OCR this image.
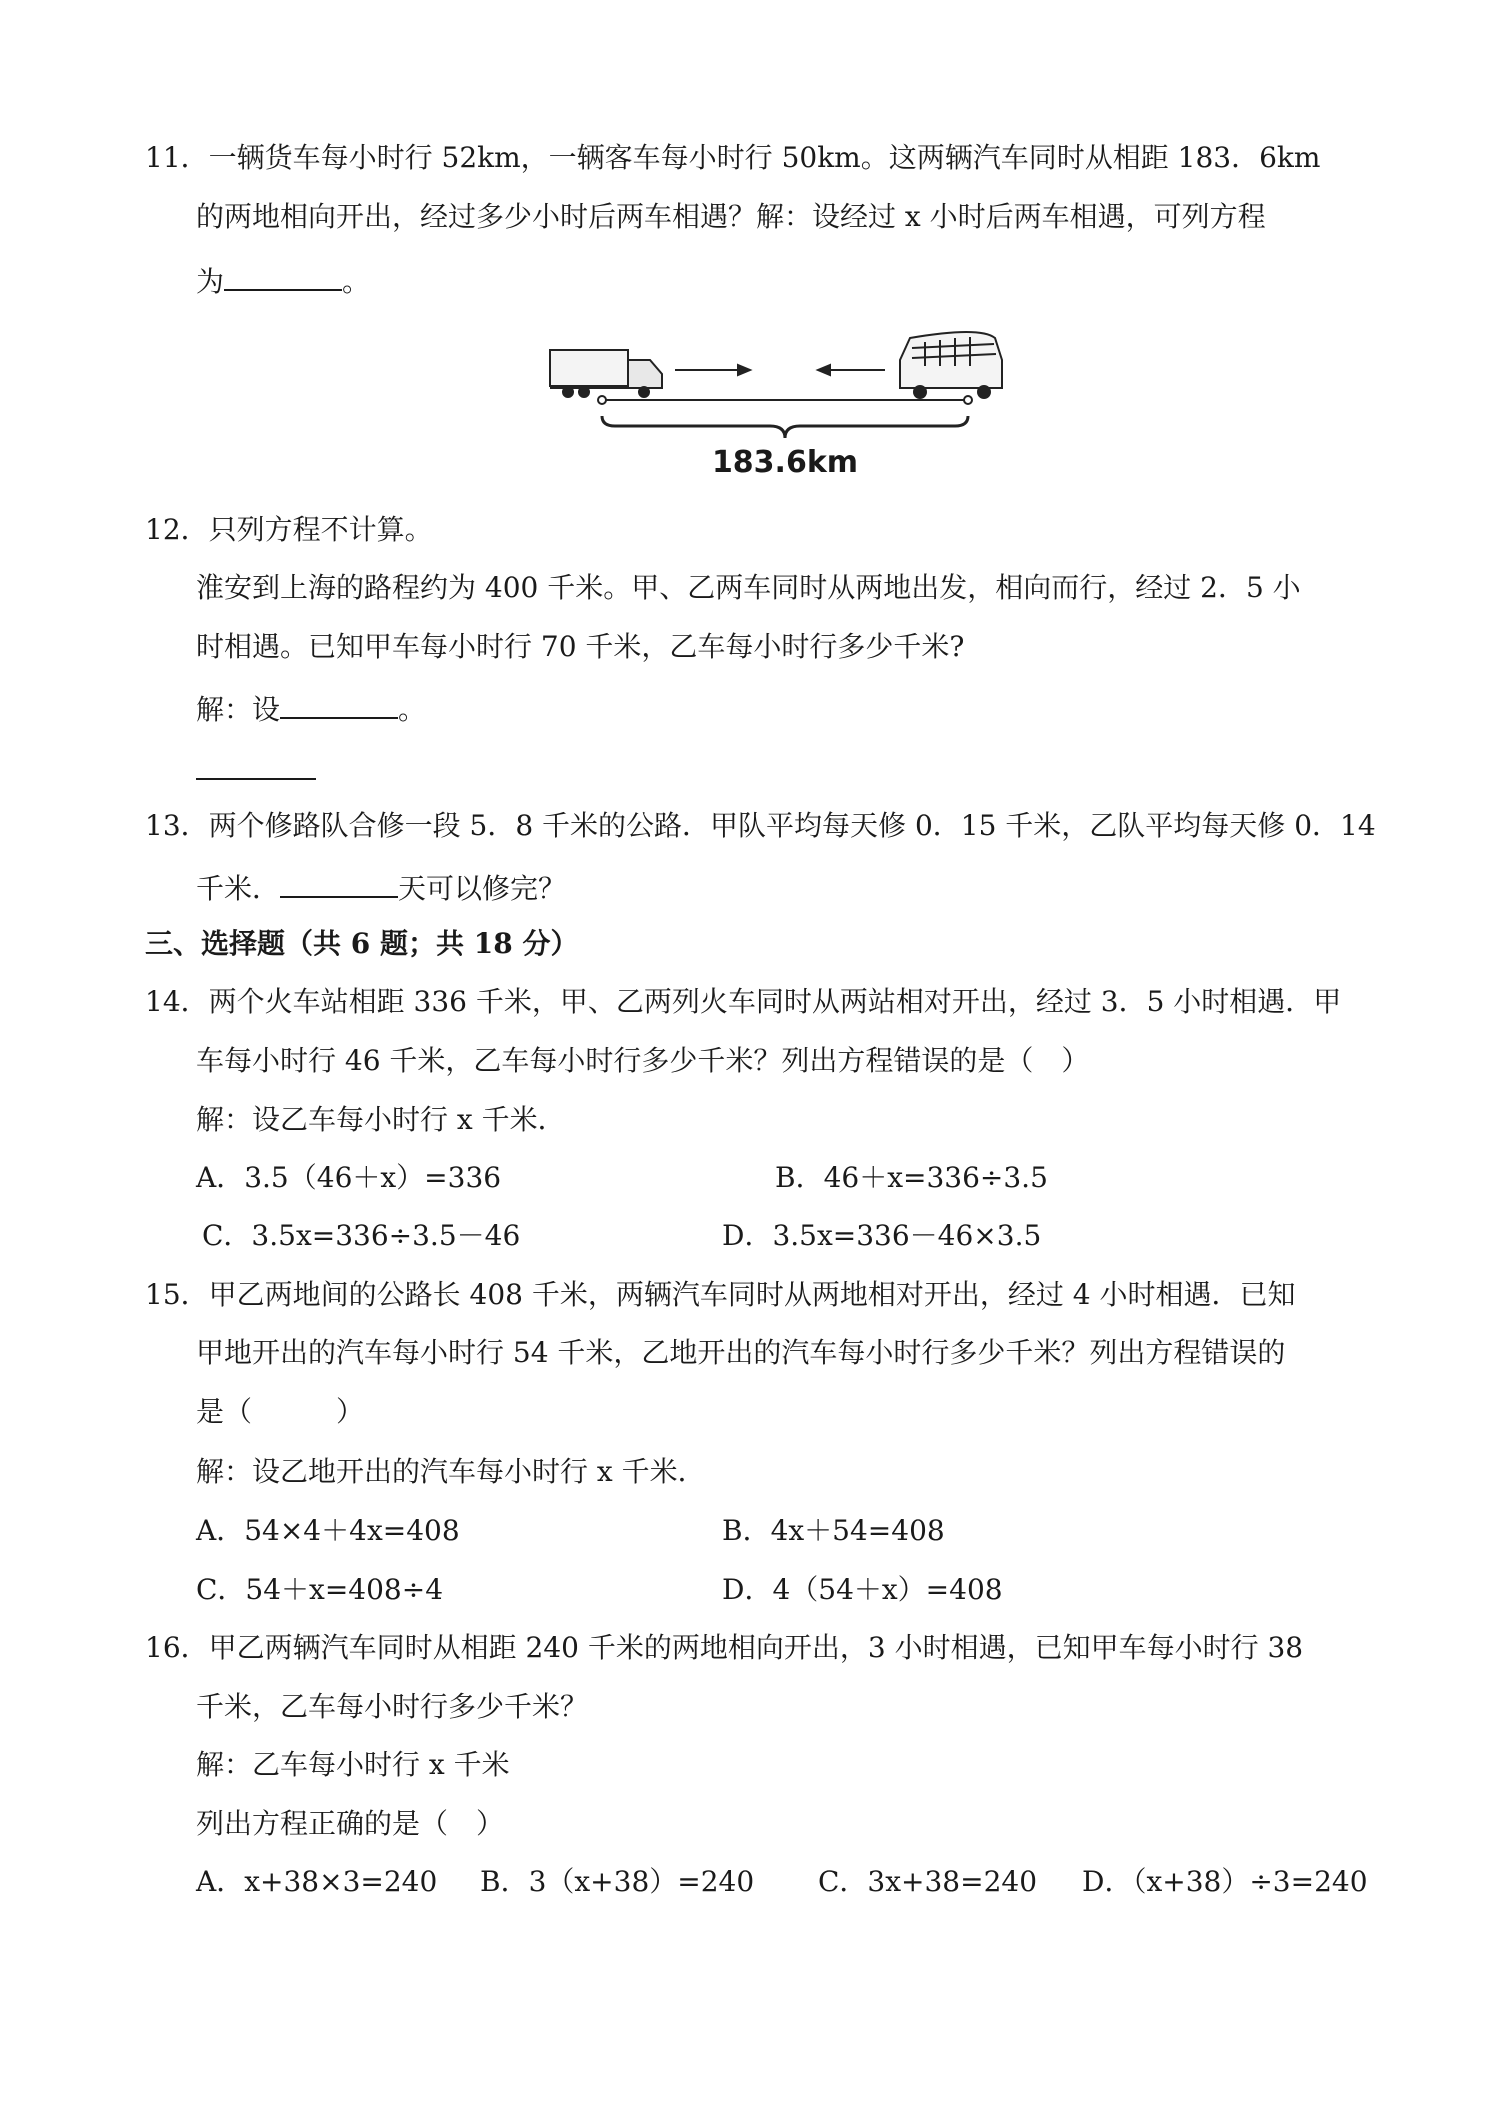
11．一辆货车每小时行 52km，一辆客车每小时行 50km。这两辆汽车同时从相距 183．6km
的两地相向开出，经过多少小时后两车相遇？解：设经过 x 小时后两车相遇，可列方程
为	。
183.6km
12．只列方程不计算。
淮安到上海的路程约为 400 千米。甲、乙两车同时从两地出发，相向而行，经过 2．5 小
时相遇。已知甲车每小时行 70 千米，乙车每小时行多少千米?
解：设	。
13．两个修路队合修一段 5．8 千米的公路．甲队平均每天修 0．15 千米，乙队平均每天修 0．14
千米．	天可以修完？
三、选择题（共 6 题；共 18 分）
14．两个火车站相距 336 千米，甲、乙两列火车同时从两站相对开出，经过 3．5 小时相遇．甲
车每小时行 46 千米，乙车每小时行多少千米？列出方程错误的是（　）
解：设乙车每小时行 x 千米．
A．3.5（46＋x）=336	B．46＋x=336÷3.5
C．3.5x=336÷3.5－46	D．3.5x=336－46×3.5
15．甲乙两地间的公路长 408 千米，两辆汽车同时从两地相对开出，经过 4 小时相遇．已知
甲地开出的汽车每小时行 54 千米，乙地开出的汽车每小时行多少千米？列出方程错误的
是（　　　）
解：设乙地开出的汽车每小时行 x 千米．
A．54×4＋4x=408	B．4x＋54=408
C．54＋x=408÷4	D．4（54＋x）=408
16．甲乙两辆汽车同时从相距 240 千米的两地相向开出，3 小时相遇，已知甲车每小时行 38
千米，乙车每小时行多少千米？
解：乙车每小时行 x 千米
列出方程正确的是（　）
A．x+38×3=240 B．3（x+38）=240 C．3x+38=240 D．（x+38）÷3=240
